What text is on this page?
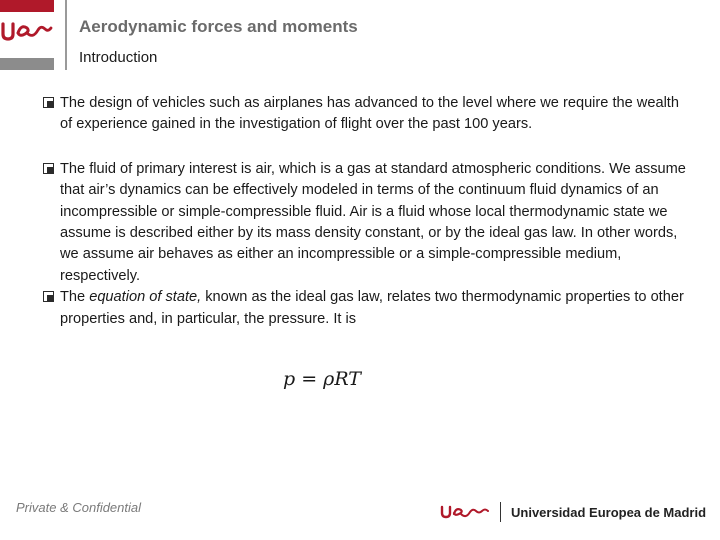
Aerodynamic forces and moments
Introduction
The design of vehicles such as airplanes has advanced to the level where we require the wealth of experience gained in the investigation of flight over the past 100 years.
The fluid of primary interest is air, which is a gas at standard atmospheric conditions. We assume that air’s dynamics can be effectively modeled in terms of the continuum fluid dynamics of an incompressible or simple-compressible fluid. Air is a fluid whose local thermodynamic state we assume is described either by its mass density constant, or by the ideal gas law. In other words, we assume air behaves as either an incompressible or a simple-compressible medium, respectively.
The equation of state, known as the ideal gas law, relates two thermodynamic properties to other properties and, in particular, the pressure. It is
p = ρRT
Private & Confidential	Universidad Europea de Madrid
